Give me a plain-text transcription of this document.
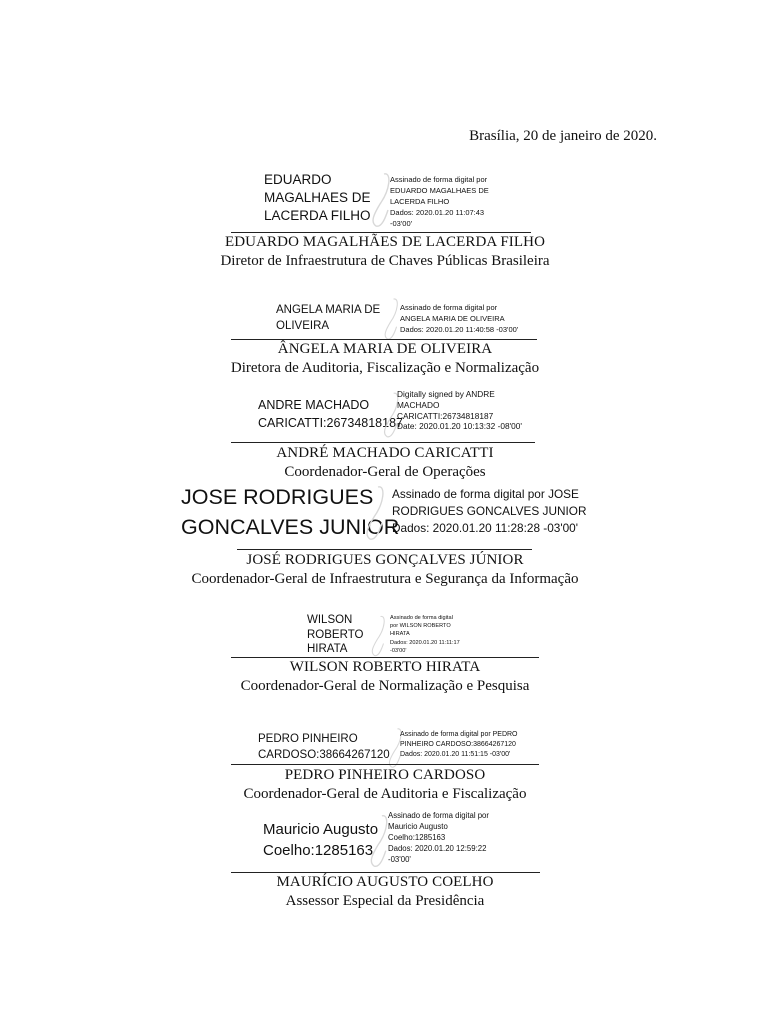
Brasília, 20 de janeiro de 2020.
EDUARDO
MAGALHAES DE
LACERDA FILHO
Assinado de forma digital por
EDUARDO MAGALHAES DE
LACERDA FILHO
Dados: 2020.01.20 11:07:43
-03'00'
EDUARDO MAGALHÃES DE LACERDA FILHO
Diretor de Infraestrutura de Chaves Públicas Brasileira
ANGELA MARIA DE
OLIVEIRA
Assinado de forma digital por
ANGELA MARIA DE OLIVEIRA
Dados: 2020.01.20 11:40:58 -03'00'
ÂNGELA MARIA DE OLIVEIRA
Diretora de Auditoria, Fiscalização e Normalização
ANDRE MACHADO
CARICATTI:26734818187
Digitally signed by ANDRE
MACHADO
CARICATTI:26734818187
Date: 2020.01.20 10:13:32 -08'00'
ANDRÉ MACHADO CARICATTI
Coordenador-Geral de Operações
JOSE RODRIGUES
GONCALVES JUNIOR
Assinado de forma digital por JOSE
RODRIGUES GONCALVES JUNIOR
Dados: 2020.01.20 11:28:28 -03'00'
JOSÉ RODRIGUES GONÇALVES JÚNIOR
Coordenador-Geral de Infraestrutura e Segurança da Informação
WILSON
ROBERTO
HIRATA
Assinado de forma digital
por WILSON ROBERTO
HIRATA
Dados: 2020.01.20 11:11:17
-03'00'
WILSON ROBERTO HIRATA
Coordenador-Geral de Normalização e Pesquisa
PEDRO PINHEIRO
CARDOSO:38664267120
Assinado de forma digital por PEDRO
PINHEIRO CARDOSO:38664267120
Dados: 2020.01.20 11:51:15 -03'00'
PEDRO PINHEIRO CARDOSO
Coordenador-Geral de Auditoria e Fiscalização
Mauricio Augusto
Coelho:1285163
Assinado de forma digital por
Mauricio Augusto
Coelho:1285163
Dados: 2020.01.20 12:59:22
-03'00'
MAURÍCIO AUGUSTO COELHO
Assessor Especial da Presidência
